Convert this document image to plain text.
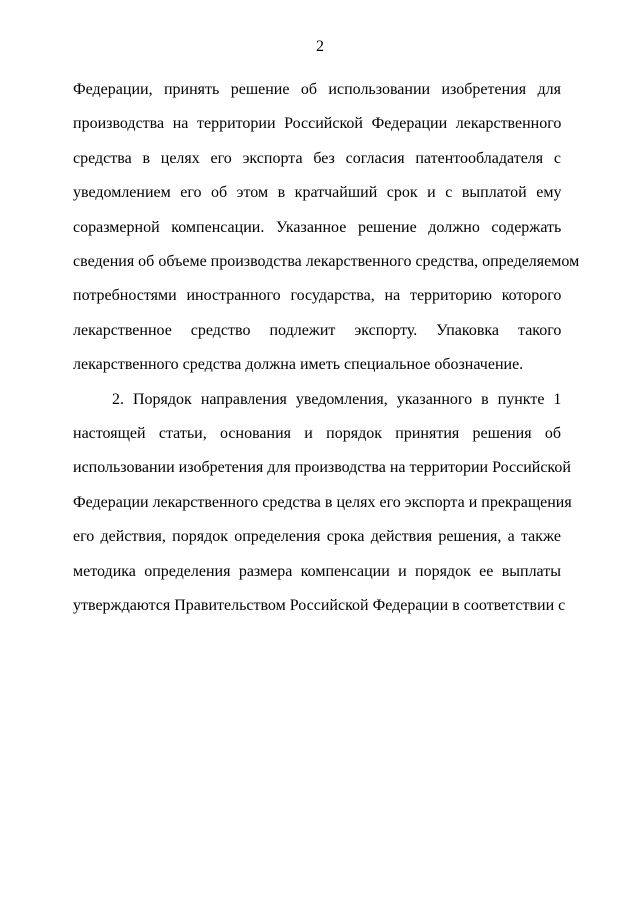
2
Федерации, принять решение об использовании изобретения для
производства на территории Российской Федерации лекарственного
средства в целях его экспорта без согласия патентообладателя с
уведомлением его об этом в кратчайший срок и с выплатой ему
соразмерной компенсации. Указанное решение должно содержать
сведения об объеме производства лекарственного средства, определяемом
потребностями иностранного государства, на территорию которого
лекарственное средство подлежит экспорту. Упаковка такого
лекарственного средства должна иметь специальное обозначение.
2. Порядок направления уведомления, указанного в пункте 1
настоящей статьи, основания и порядок принятия решения об
использовании изобретения для производства на территории Российской
Федерации лекарственного средства в целях его экспорта и прекращения
его действия, порядок определения срока действия решения, а также
методика определения размера компенсации и порядок ее выплаты
утверждаются Правительством Российской Федерации в соответствии с
